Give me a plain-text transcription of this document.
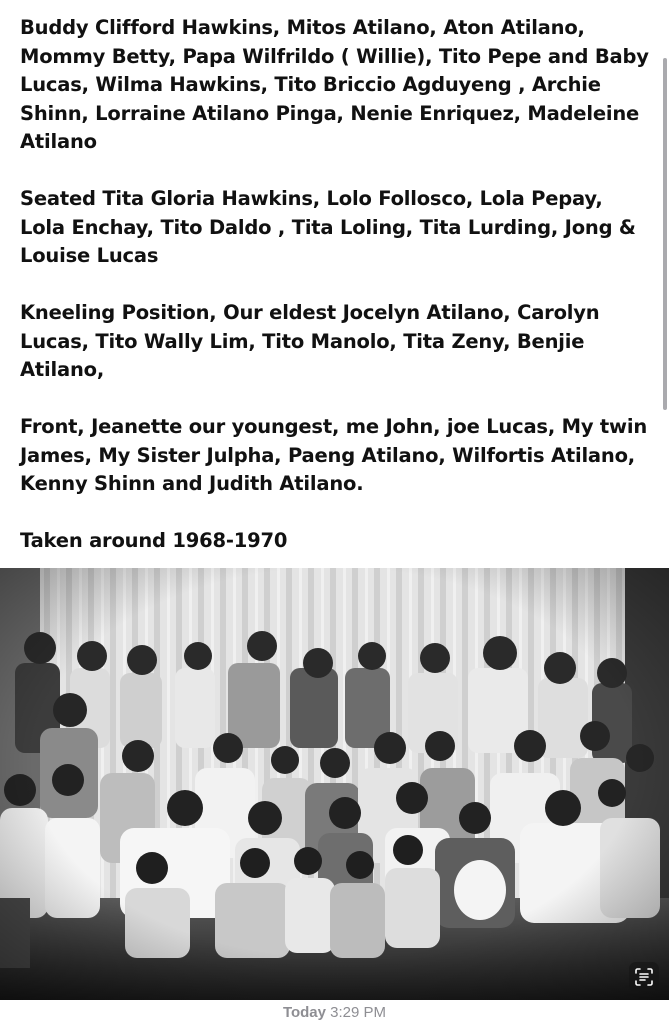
Buddy Clifford Hawkins, Mitos Atilano, Aton Atilano, Mommy Betty, Papa Wilfrildo ( Willie), Tito Pepe and Baby Lucas, Wilma Hawkins, Tito Briccio Agduyeng , Archie Shinn, Lorraine Atilano Pinga, Nenie Enriquez, Madeleine Atilano

Seated Tita Gloria Hawkins, Lolo Follosco, Lola Pepay, Lola Enchay, Tito Daldo , Tita Loling, Tita Lurding, Jong & Louise Lucas

Kneeling Position, Our eldest Jocelyn Atilano, Carolyn Lucas, Tito Wally Lim, Tito Manolo, Tita Zeny, Benjie Atilano,

Front, Jeanette our youngest, me John, joe Lucas, My twin James, My Sister Julpha, Paeng Atilano, Wilfortis Atilano, Kenny Shinn and Judith Atilano.

Taken around 1968-1970

Today 3:29 PM
